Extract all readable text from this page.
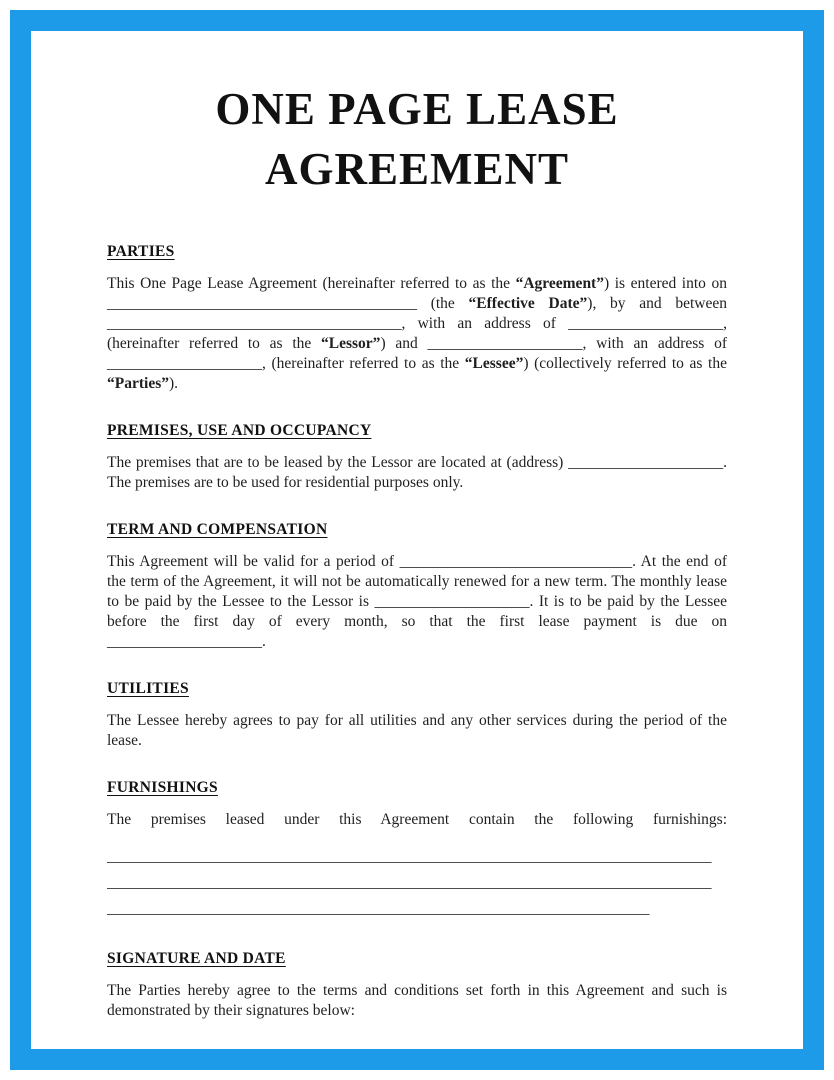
ONE PAGE LEASE
AGREEMENT
PARTIES

This One Page Lease Agreement (hereinafter referred to as the “Agreement”) is entered into on ________________________________________ (the “Effective Date”), by and between ______________________________________, with an address of ____________________, (hereinafter referred to as the “Lessor”) and ____________________, with an address of ____________________, (hereinafter referred to as the “Lessee”) (collectively referred to as the “Parties”).

PREMISES, USE AND OCCUPANCY

The premises that are to be leased by the Lessor are located at (address) ____________________. The premises are to be used for residential purposes only.

TERM AND COMPENSATION

This Agreement will be valid for a period of ______________________________. At the end of the term of the Agreement, it will not be automatically renewed for a new term. The monthly lease to be paid by the Lessee to the Lessor is ____________________. It is to be paid by the Lessee before the first day of every month, so that the first lease payment is due on ____________________.

UTILITIES

The Lessee hereby agrees to pay for all utilities and any other services during the period of the lease.

FURNISHINGS

The premises leased under this Agreement contain the following furnishings:

______________________________________________________________________________
______________________________________________________________________________
______________________________________________________________________
SIGNATURE AND DATE

The Parties hereby agree to the terms and conditions set forth in this Agreement and such is demonstrated by their signatures below:
